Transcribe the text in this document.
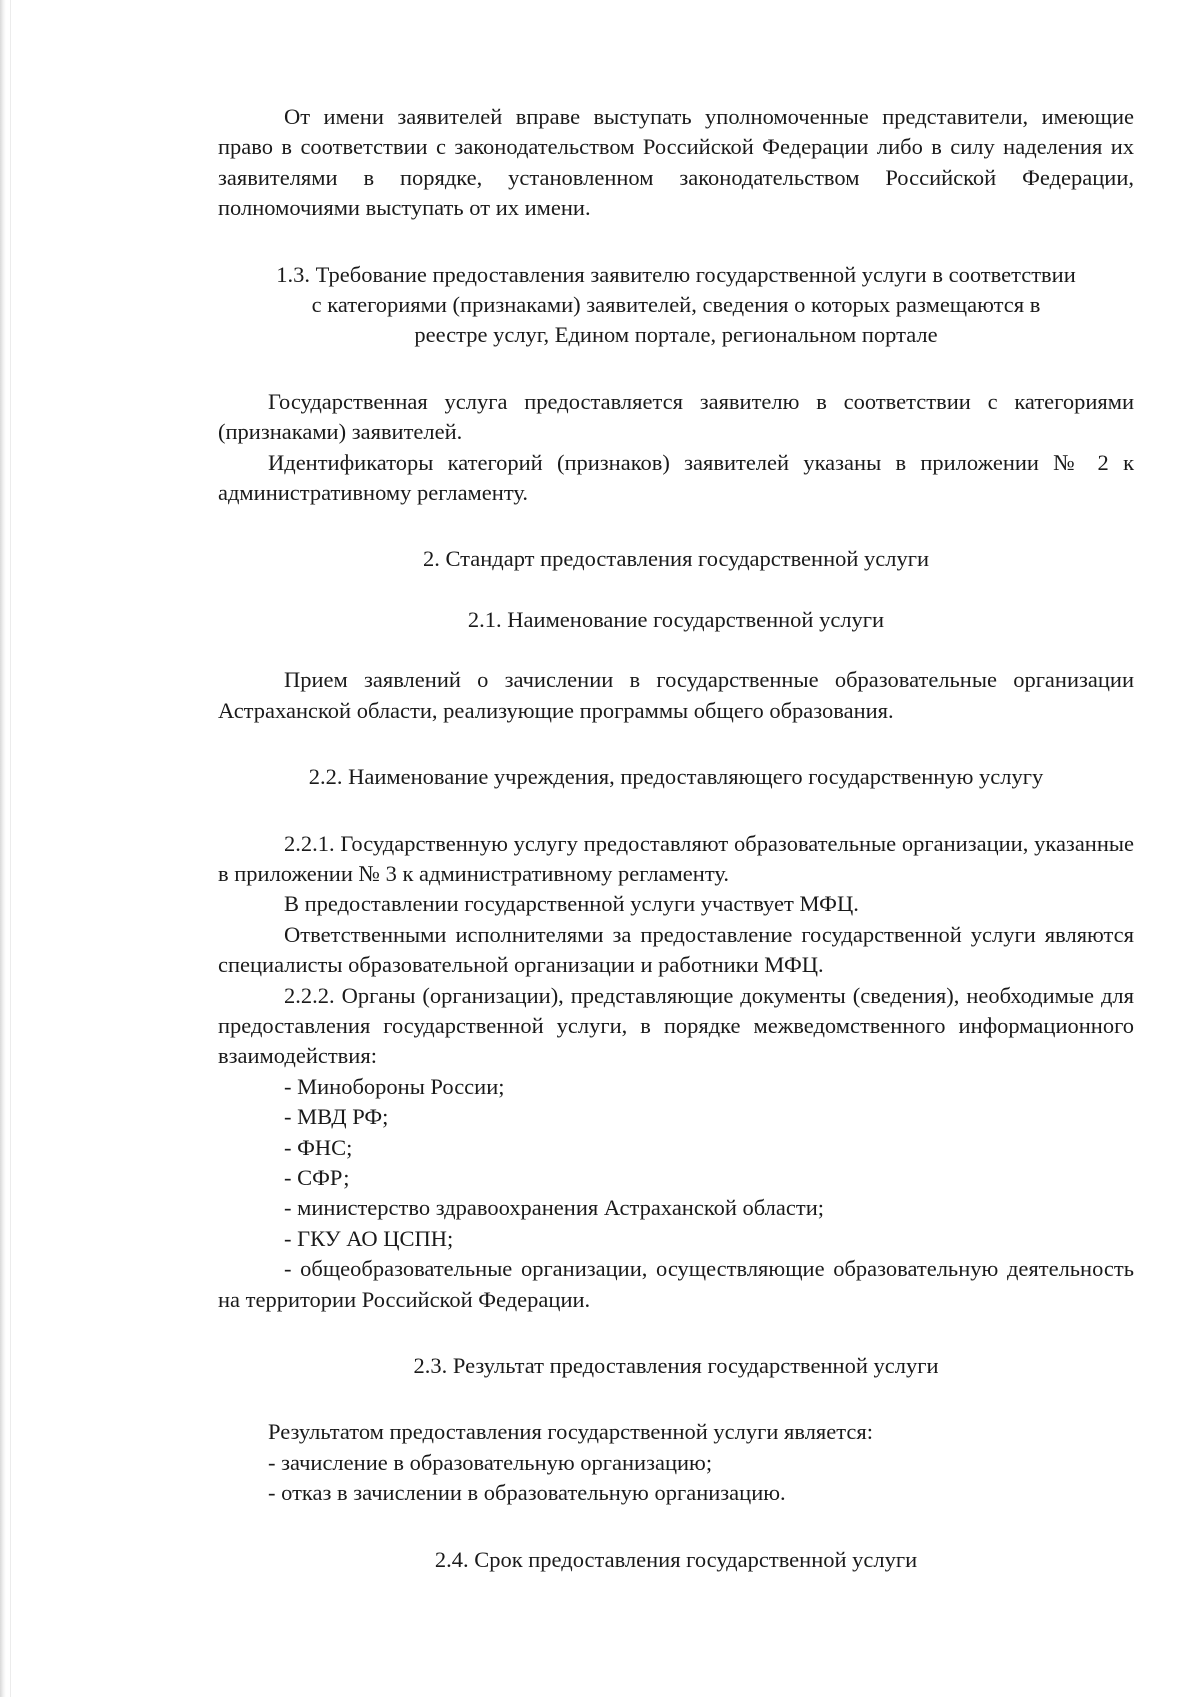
От имени заявителей вправе выступать уполномоченные представители, имеющие право в соответствии с законодательством Российской Федерации либо в силу наделения их заявителями в порядке, установленном законодательством Российской Федерации, полномочиями выступать от их имени.

1.3. Требование предоставления заявителю государственной услуги в соответствии

с категориями (признаками) заявителей, сведения о которых размещаются в

реестре услуг, Едином портале, региональном портале

Государственная услуга предоставляется заявителю в соответствии с категориями (признаками) заявителей.

Идентификаторы категорий (признаков) заявителей указаны в приложении № 2 к административному регламенту.

2. Стандарт предоставления государственной услуги

2.1. Наименование государственной услуги

Прием заявлений о зачислении в государственные образовательные организации Астраханской области, реализующие программы общего образования.

2.2. Наименование учреждения, предоставляющего государственную услугу

2.2.1. Государственную услугу предоставляют образовательные организации, указанные в приложении № 3 к административному регламенту.

В предоставлении государственной услуги участвует МФЦ.

Ответственными исполнителями за предоставление государственной услуги являются специалисты образовательной организации и работники МФЦ.

2.2.2. Органы (организации), представляющие документы (сведения), необходимые для предоставления государственной услуги, в порядке межведомственного информационного взаимодействия:

- Минобороны России;
- МВД РФ;
- ФНС;
- СФР;
- министерство здравоохранения Астраханской области;
- ГКУ АО ЦСПН;

- общеобразовательные организации, осуществляющие образовательную деятельность на территории Российской Федерации.

2.3. Результат предоставления государственной услуги

Результатом предоставления государственной услуги является:
- зачисление в образовательную организацию;
- отказ в зачислении в образовательную организацию.

2.4. Срок предоставления государственной услуги
